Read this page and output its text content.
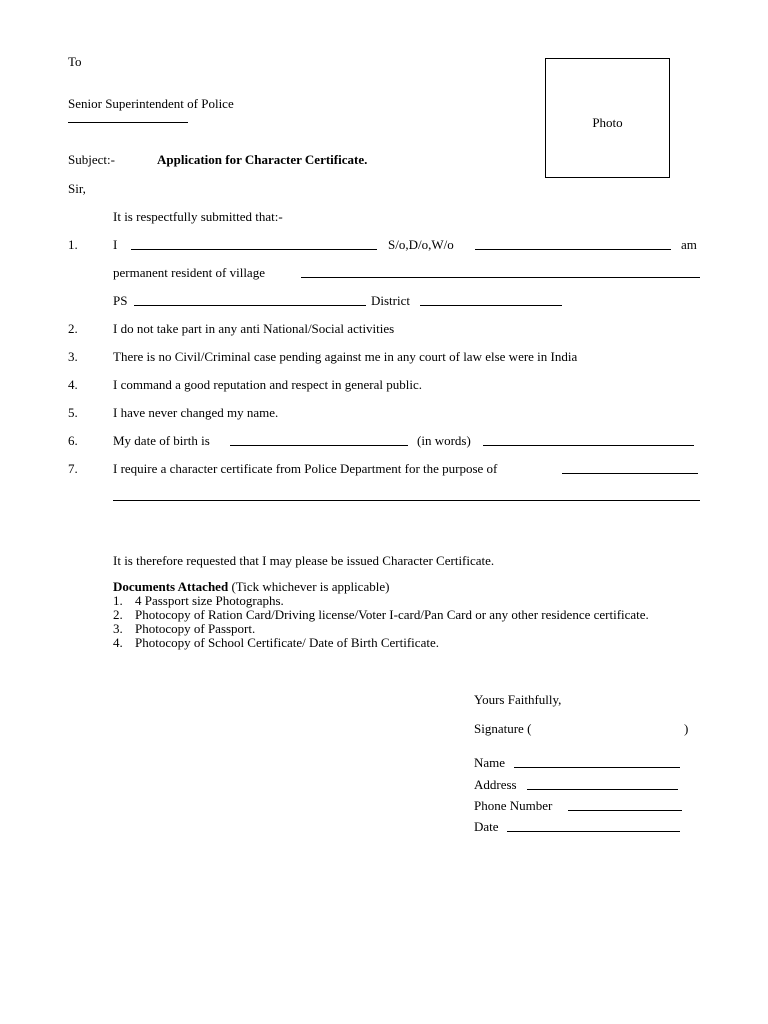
To
Senior Superintendent of Police
Photo
Subject:-	Application for Character Certificate.
Sir,
It is respectfully submitted that:-
1.	I	S/o,D/o,W/o	am
permanent resident of village
PS	District
2.	I do not take part in any anti National/Social activities
3.	There is no Civil/Criminal case pending against me in any court of law else were in India
4.	I command a good reputation and respect in general public.
5.	I have never changed my name.
6.	My date of birth is	(in words)
7.	I require a character certificate from Police Department for the purpose of
It is therefore requested that I may please be issued Character Certificate.
Documents Attached (Tick whichever is applicable)
1. 4 Passport size Photographs.
2. Photocopy of Ration Card/Driving license/Voter I-card/Pan Card or any other residence certificate.
3. Photocopy of Passport.
4. Photocopy of School Certificate/ Date of Birth Certificate.
Yours Faithfully,
Signature (	)
Name
Address
Phone Number
Date
